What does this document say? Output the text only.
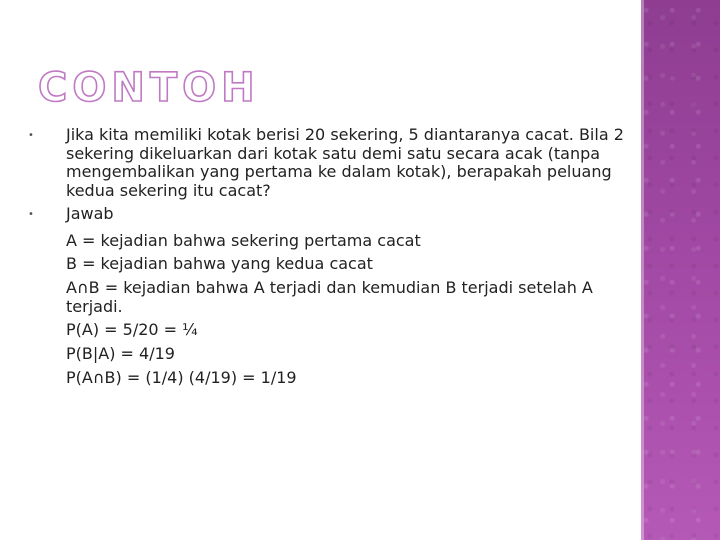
CONTOH
• Jika kita memiliki kotak berisi 20 sekering, 5 diantaranya cacat. Bila 2 sekering dikeluarkan dari kotak satu demi satu secara acak (tanpa mengembalikan yang pertama ke dalam kotak), berapakah peluang kedua sekering itu cacat?
• Jawab
A = kejadian bahwa sekering pertama cacat
B = kejadian bahwa yang kedua cacat
A∩B = kejadian bahwa A terjadi dan kemudian B terjadi setelah A terjadi.
P(A) = 5/20 = ¼
P(B|A) = 4/19
P(A∩B) = (1/4) (4/19) = 1/19
